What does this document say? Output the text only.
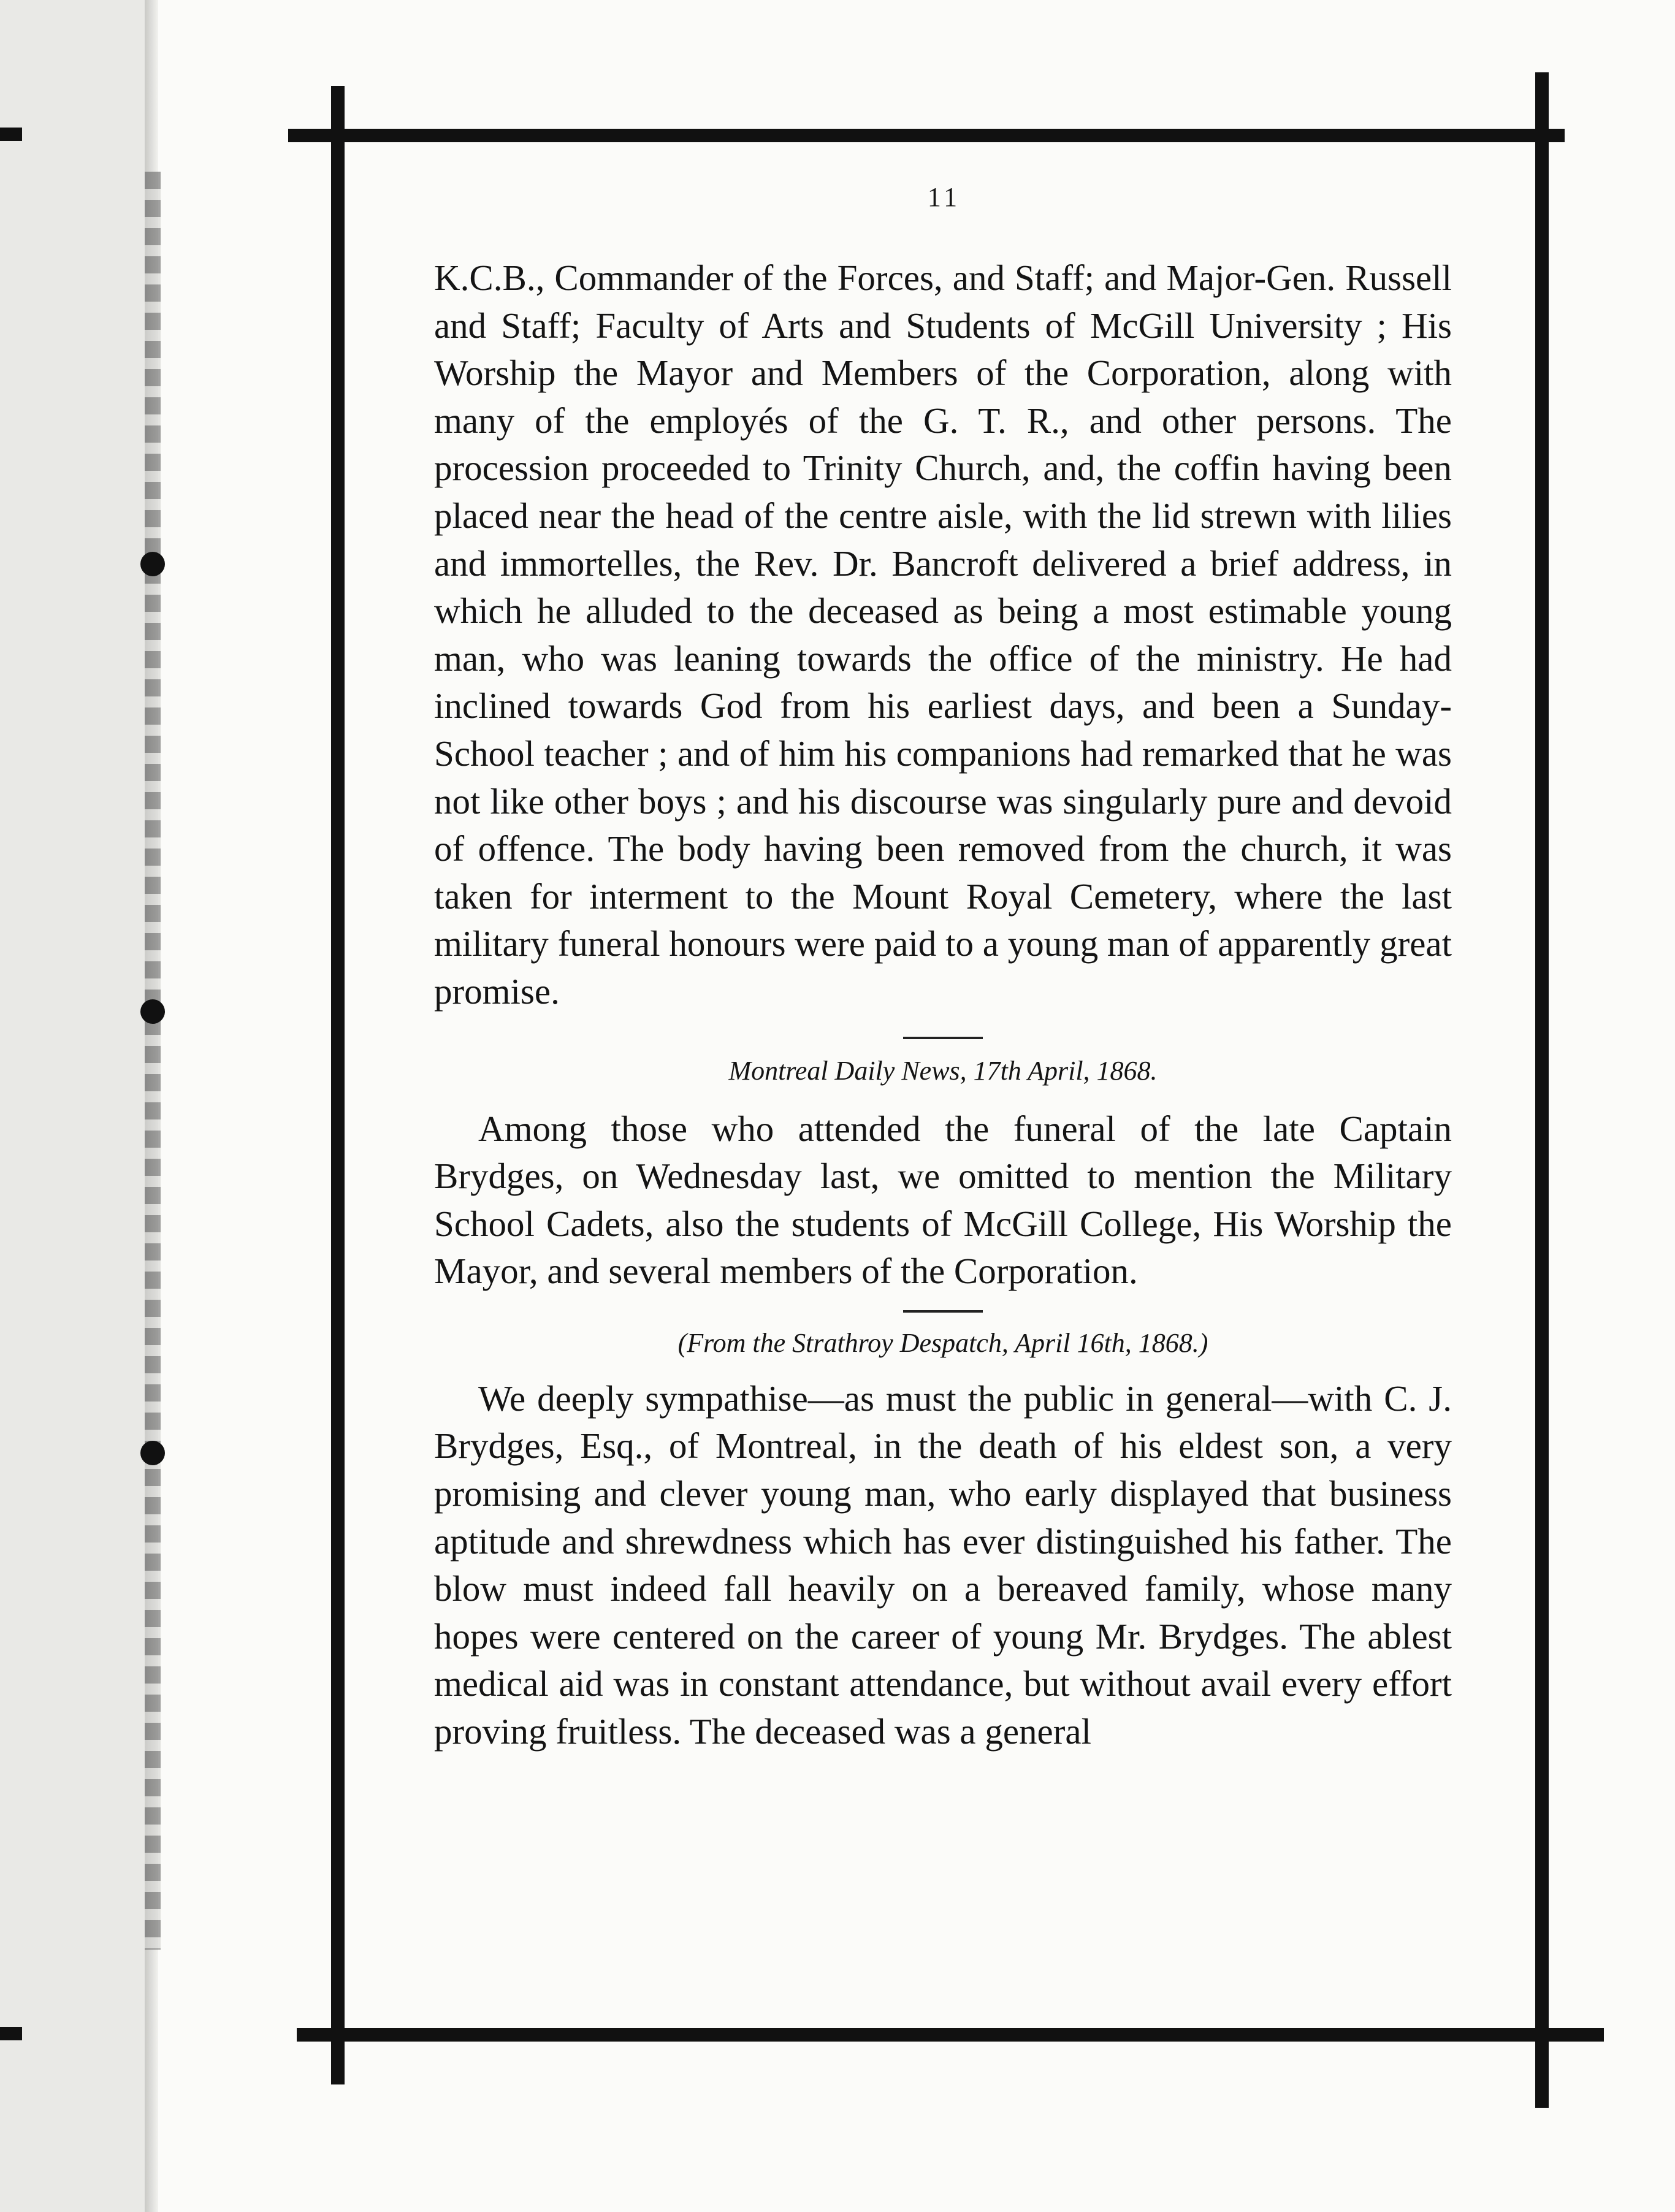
11

K.C.B., Commander of the Forces, and Staff; and Major-Gen. Russell and Staff; Faculty of Arts and Students of McGill University ; His Worship the Mayor and Members of the Corporation, along with many of the employés of the G. T. R., and other persons. The procession proceeded to Trinity Church, and, the coffin having been placed near the head of the centre aisle, with the lid strewn with lilies and immortelles, the Rev. Dr. Bancroft delivered a brief address, in which he alluded to the deceased as being a most estimable young man, who was leaning towards the office of the ministry. He had inclined towards God from his earliest days, and been a Sunday-School teacher ; and of him his companions had remarked that he was not like other boys ; and his discourse was singularly pure and devoid of offence. The body having been removed from the church, it was taken for interment to the Mount Royal Cemetery, where the last military funeral honours were paid to a young man of apparently great promise.

Montreal Daily News, 17th April, 1868.

Among those who attended the funeral of the late Captain Brydges, on Wednesday last, we omitted to mention the Military School Cadets, also the students of McGill College, His Worship the Mayor, and several members of the Corporation.

(From the Strathroy Despatch, April 16th, 1868.)

We deeply sympathise—as must the public in general—with C. J. Brydges, Esq., of Montreal, in the death of his eldest son, a very promising and clever young man, who early displayed that business aptitude and shrewdness which has ever distinguished his father. The blow must indeed fall heavily on a bereaved family, whose many hopes were centered on the career of young Mr. Brydges. The ablest medical aid was in constant attendance, but without avail every effort proving fruitless. The deceased was a general
